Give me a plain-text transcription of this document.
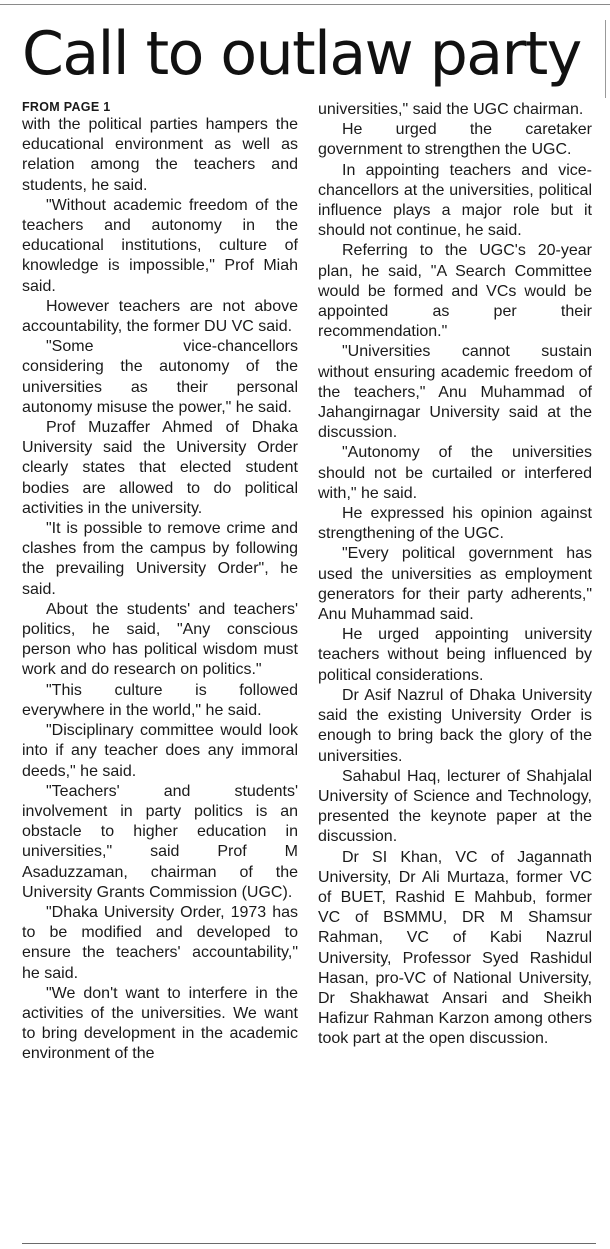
Call to outlaw party

FROM PAGE 1

with the political parties hampers the educational environment as well as relation among the teachers and students, he said.

"Without academic freedom of the teachers and autonomy in the educational institutions, culture of knowledge is impossible," Prof Miah said.

However teachers are not above accountability, the former DU VC said.

"Some vice-chancellors considering the autonomy of the universities as their personal autonomy misuse the power," he said.

Prof Muzaffer Ahmed of Dhaka University said the University Order clearly states that elected student bodies are allowed to do political activities in the university.

"It is possible to remove crime and clashes from the campus by following the prevailing University Order", he said.

About the students' and teachers' politics, he said, "Any conscious person who has political wisdom must work and do research on politics."

"This culture is followed everywhere in the world," he said.

"Disciplinary committee would look into if any teacher does any immoral deeds," he said.

"Teachers' and students' involvement in party politics is an obstacle to higher education in universities," said Prof M Asaduzzaman, chairman of the University Grants Commission (UGC).

"Dhaka University Order, 1973 has to be modified and developed to ensure the teachers' accountability," he said.

"We don't want to interfere in the activities of the universities. We want to bring development in the academic environment of the

universities," said the UGC chairman.

He urged the caretaker government to strengthen the UGC.

In appointing teachers and vice-chancellors at the universities, political influence plays a major role but it should not continue, he said.

Referring to the UGC's 20-year plan, he said, "A Search Committee would be formed and VCs would be appointed as per their recommendation."

"Universities cannot sustain without ensuring academic freedom of the teachers," Anu Muhammad of Jahangirnagar University said at the discussion.

"Autonomy of the universities should not be curtailed or interfered with," he said.

He expressed his opinion against strengthening of the UGC.

"Every political government has used the universities as employment generators for their party adherents," Anu Muhammad said.

He urged appointing university teachers without being influenced by political considerations.

Dr Asif Nazrul of Dhaka University said the existing University Order is enough to bring back the glory of the universities.

Sahabul Haq, lecturer of Shahjalal University of Science and Technology, presented the keynote paper at the discussion.

Dr SI Khan, VC of Jagannath University, Dr Ali Murtaza, former VC of BUET, Rashid E Mahbub, former VC of BSMMU, DR M Shamsur Rahman, VC of Kabi Nazrul University, Professor Syed Rashidul Hasan, pro-VC of National University, Dr Shakhawat Ansari and Sheikh Hafizur Rahman Karzon among others took part at the open discussion.
